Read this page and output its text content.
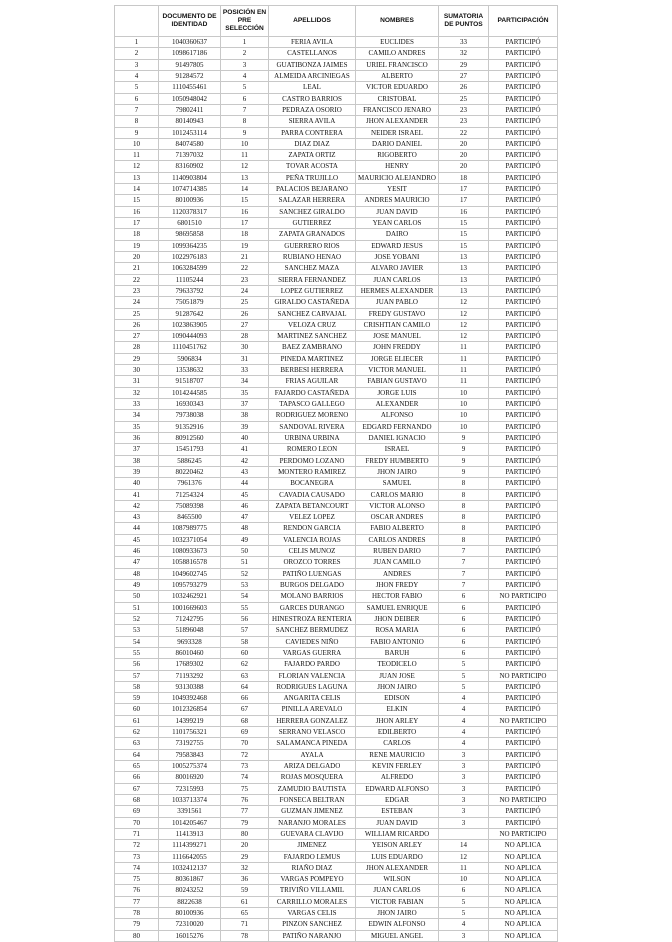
	DOCUMENTO DE IDENTIDAD	POSICIÓN EN PRE SELECCIÓN	APELLIDOS	NOMBRES	SUMATORIA DE PUNTOS	PARTICIPACIÓN
1	1040360637	1	FERIA AVILA	EUCLIDES	33	PARTICIPÓ
2	1098617186	2	CASTELLANOS	CAMILO ANDRES	32	PARTICIPÓ
3	91497805	3	GUATIBONZA JAIMES	URIEL FRANCISCO	29	PARTICIPÓ
4	91284572	4	ALMEIDA ARCINIEGAS	ALBERTO	27	PARTICIPÓ
5	1110455461	5	LEAL	VICTOR EDUARDO	26	PARTICIPÓ
6	1050948042	6	CASTRO BARRIOS	CRISTOBAL	25	PARTICIPÓ
7	79802411	7	PEDRAZA OSORIO	FRANCISCO JENARO	23	PARTICIPÓ
8	80140943	8	SIERRA AVILA	JHON ALEXANDER	23	PARTICIPÓ
9	1012453114	9	PARRA CONTRERA	NEIDER ISRAEL	22	PARTICIPÓ
10	84074580	10	DIAZ DIAZ	DARIO DANIEL	20	PARTICIPÓ
11	71397032	11	ZAPATA ORTIZ	RIGOBERTO	20	PARTICIPÓ
12	83160902	12	TOVAR ACOSTA	HENRY	20	PARTICIPÓ
13	1140903804	13	PEÑA TRUJILLO	MAURICIO ALEJANDRO	18	PARTICIPÓ
14	1074714385	14	PALACIOS BEJARANO	YESIT	17	PARTICIPÓ
15	80100936	15	SALAZAR HERRERA	ANDRES MAURICIO	17	PARTICIPÓ
16	1120378317	16	SANCHEZ GIRALDO	JUAN DAVID	16	PARTICIPÓ
17	6801510	17	GUTIERREZ	YEAN CARLOS	15	PARTICIPÓ
18	98695858	18	ZAPATA GRANADOS	DAIRO	15	PARTICIPÓ
19	1099364235	19	GUERRERO RIOS	EDWARD JESUS	15	PARTICIPÓ
20	1022976183	21	RUBIANO HENAO	JOSE YOBANI	13	PARTICIPÓ
21	1063284599	22	SANCHEZ MAZA	ALVARO JAVIER	13	PARTICIPÓ
22	11105244	23	SIERRA FERNANDEZ	JUAN CARLOS	13	PARTICIPÓ
23	79633792	24	LOPEZ GUTIERREZ	HERMES ALEXANDER	13	PARTICIPÓ
24	75051879	25	GIRALDO CASTAÑEDA	JUAN PABLO	12	PARTICIPÓ
25	91287642	26	SANCHEZ CARVAJAL	FREDY GUSTAVO	12	PARTICIPÓ
26	1023863905	27	VELOZA CRUZ	CRISHTIAN CAMILO	12	PARTICIPÓ
27	1090444093	28	MARTINEZ SANCHEZ	JOSE MANUEL	12	PARTICIPÓ
28	1110451762	30	BAEZ ZAMBRANO	JOHN FREDDY	11	PARTICIPÓ
29	5906834	31	PINEDA MARTINEZ	JORGE ELIECER	11	PARTICIPÓ
30	13538632	33	BERBESI HERRERA	VICTOR MANUEL	11	PARTICIPÓ
31	91518707	34	FRIAS AGUILAR	FABIAN GUSTAVO	11	PARTICIPÓ
32	1014244585	35	FAJARDO CASTAÑEDA	JORGE LUIS	10	PARTICIPÓ
33	16930343	37	TAPASCO GALLEGO	ALEXANDER	10	PARTICIPÓ
34	79738038	38	RODRIGUEZ MORENO	ALFONSO	10	PARTICIPÓ
35	91352916	39	SANDOVAL RIVERA	EDGARD FERNANDO	10	PARTICIPÓ
36	80912560	40	URBINA URBINA	DANIEL IGNACIO	9	PARTICIPÓ
37	15451793	41	ROMERO LEON	ISRAEL	9	PARTICIPÓ
38	5886245	42	PERDOMO LOZANO	FREDY HUMBERTO	9	PARTICIPÓ
39	80220462	43	MONTERO RAMIREZ	JHON JAIRO	9	PARTICIPÓ
40	7961376	44	BOCANEGRA	SAMUEL	8	PARTICIPÓ
41	71254324	45	CAVADIA CAUSADO	CARLOS MARIO	8	PARTICIPÓ
42	75089398	46	ZAPATA BETANCOURT	VICTOR ALONSO	8	PARTICIPÓ
43	8465500	47	VELEZ LOPEZ	OSCAR ANDRES	8	PARTICIPÓ
44	1087989775	48	RENDON GARCIA	FABIO ALBERTO	8	PARTICIPÓ
45	1032371054	49	VALENCIA ROJAS	CARLOS ANDRES	8	PARTICIPÓ
46	1080933673	50	CELIS MUNOZ	RUBEN DARIO	7	PARTICIPÓ
47	1058816578	51	OROZCO TORRES	JUAN CAMILO	7	PARTICIPÓ
48	1049602745	52	PATIÑO LUENGAS	ANDRES	7	PARTICIPÓ
49	1095793279	53	BURGOS DELGADO	JHON FREDY	7	PARTICIPÓ
50	1032462921	54	MOLANO BARRIOS	HECTOR FABIO	6	NO PARTICIPO
51	1001669603	55	GARCES DURANGO	SAMUEL ENRIQUE	6	PARTICIPÓ
52	71242795	56	HINESTROZA RENTERIA	JHON DEIBER	6	PARTICIPÓ
53	51896048	57	SANCHEZ BERMUDEZ	ROSA MARIA	6	PARTICIPÓ
54	9693328	58	CAVIEDES NIÑO	FABIO ANTONIO	6	PARTICIPÓ
55	86010460	60	VARGAS GUERRA	BARUH	6	PARTICIPÓ
56	17689302	62	FAJARDO PARDO	TEODICELO	5	PARTICIPÓ
57	71193292	63	FLORIAN VALENCIA	JUAN JOSE	5	NO PARTICIPO
58	93130388	64	RODRIGUES LAGUNA	JHON JAIRO	5	PARTICIPÓ
59	1049392468	66	ANGARITA CELIS	EDISON	4	PARTICIPÓ
60	1012326854	67	PINILLA AREVALO	ELKIN	4	PARTICIPÓ
61	14399219	68	HERRERA GONZALEZ	JHON ARLEY	4	NO PARTICIPO
62	1101756321	69	SERRANO VELASCO	EDILBERTO	4	PARTICIPÓ
63	73192755	70	SALAMANCA PINEDA	CARLOS	4	PARTICIPÓ
64	79583843	72	AYALA	RENE MAURICIO	3	PARTICIPÓ
65	1005275374	73	ARIZA DELGADO	KEVIN FERLEY	3	PARTICIPÓ
66	80016920	74	ROJAS MOSQUERA	ALFREDO	3	PARTICIPÓ
67	72315993	75	ZAMUDIO BAUTISTA	EDWARD ALFONSO	3	PARTICIPÓ
68	1033713374	76	FONSECA BELTRAN	EDGAR	3	NO PARTICIPO
69	3391561	77	GUZMAN JIMENEZ	ESTEBAN	3	PARTICIPÓ
70	1014205467	79	NARANJO MORALES	JUAN DAVID	3	PARTICIPÓ
71	11413913	80	GUEVARA CLAVIJO	WILLIAM RICARDO		NO PARTICIPO
72	1114399271	20	JIMENEZ	YEISON ARLEY	14	NO APLICA
73	1116642055	29	FAJARDO LEMUS	LUIS EDUARDO	12	NO APLICA
74	1032412137	32	RIAÑO DIAZ	JHON ALEXANDER	11	NO APLICA
75	80361867	36	VARGAS POMPEYO	WILSON	10	NO APLICA
76	80243252	59	TRIVIÑO VILLAMIL	JUAN CARLOS	6	NO APLICA
77	8822638	61	CARRILLO MORALES	VICTOR FABIAN	5	NO APLICA
78	80100936	65	VARGAS CELIS	JHON JAIRO	5	NO APLICA
79	72310020	71	PINZON SANCHEZ	EDWIN ALFONSO	4	NO APLICA
80	16015276	78	PATIÑO NARANJO	MIGUEL ANGEL	3	NO APLICA
